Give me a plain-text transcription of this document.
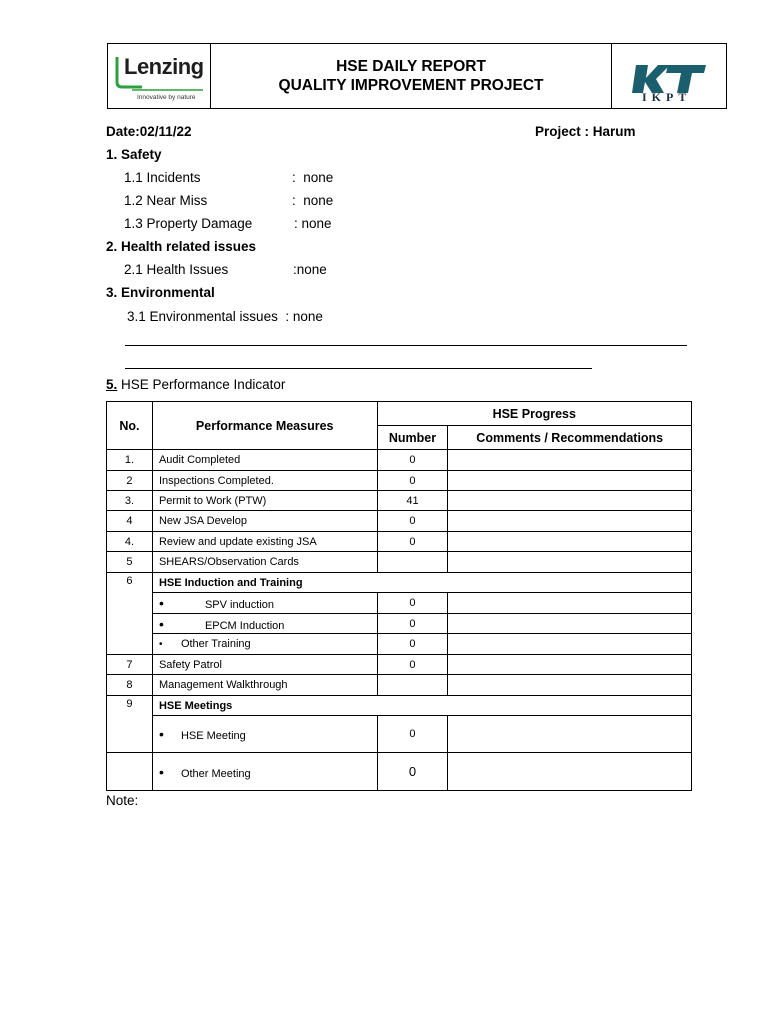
Lenzing
Innovative by nature
HSE DAILY REPORT
QUALITY IMPROVEMENT PROJECT
IKPT
Date:02/11/22	Project : Harum
1. Safety
1.1 Incidents	:  none
1.2 Near Miss	:  none
1.3 Property Damage	: none
2. Health related issues
2.1 Health Issues	:none
3. Environmental
3.1 Environmental issues  : none
5. HSE Performance Indicator
No.	Performance Measures	HSE Progress	
		Number	Comments / Recommendations
1.	Audit Completed	0	
2	Inspections Completed.	0	
3.	Permit to Work (PTW)	41	
4	New JSA Develop	0	
4.	Review and update existing JSA	0	
5	SHEARS/Observation Cards		
6	HSE Induction and Training		
	• SPV induction	0	
	• EPCM Induction	0	
	• Other Training	0	
7	Safety Patrol	0	
8	Management Walkthrough		
9	HSE Meetings		
	• HSE Meeting	0	
	• Other Meeting	0	
Note:
